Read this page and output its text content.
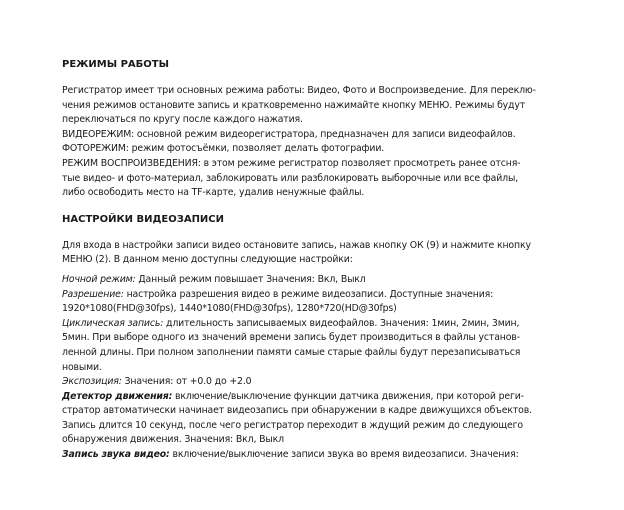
РЕЖИМЫ РАБОТЫ
Регистратор имеет три основных режима работы: Видео, Фото и Воспроизведение. Для переклю-
чения режимов остановите запись и кратковременно нажимайте кнопку МЕНЮ. Режимы будут
переключаться по кругу после каждого нажатия.
ВИДЕОРЕЖИМ: основной режим видеорегистратора, предназначен для записи видеофайлов.
ФОТОРЕЖИМ: режим фотосъёмки, позволяет делать фотографии.
РЕЖИМ ВОСПРОИЗВЕДЕНИЯ: в этом режиме регистратор позволяет просмотреть ранее отсня-
тые видео- и фото-материал, заблокировать или разблокировать выборочные или все файлы,
либо освободить место на TF-карте, удалив ненужные файлы.
НАСТРОЙКИ ВИДЕОЗАПИСИ
Для входа в настройки записи видео остановите запись, нажав кнопку ОК (9) и нажмите кнопку
МЕНЮ (2). В данном меню доступны следующие настройки:
Ночной режим: Данный режим повышает Значения: Вкл, Выкл
Разрешение: настройка разрешения видео в режиме видеозаписи. Доступные значения:
1920*1080(FHD@30fps), 1440*1080(FHD@30fps), 1280*720(HD@30fps)
Циклическая запись: длительность записываемых видеофайлов. Значения: 1мин, 2мин, 3мин,
5мин. При выборе одного из значений времени запись будет производиться в файлы установ-
ленной длины. При полном заполнении памяти самые старые файлы будут перезаписываться
новыми.
Экспозиция: Значения: от +0.0 до +2.0
Детектор движения: включение/выключение функции датчика движения, при которой реги-
стратор автоматически начинает видеозапись при обнаружении в кадре движущихся объектов.
Запись длится 10 секунд, после чего регистратор переходит в ждущий режим до следующего
обнаружения движения. Значения: Вкл, Выкл
Запись звука видео: включение/выключение записи звука во время видеозаписи. Значения:
